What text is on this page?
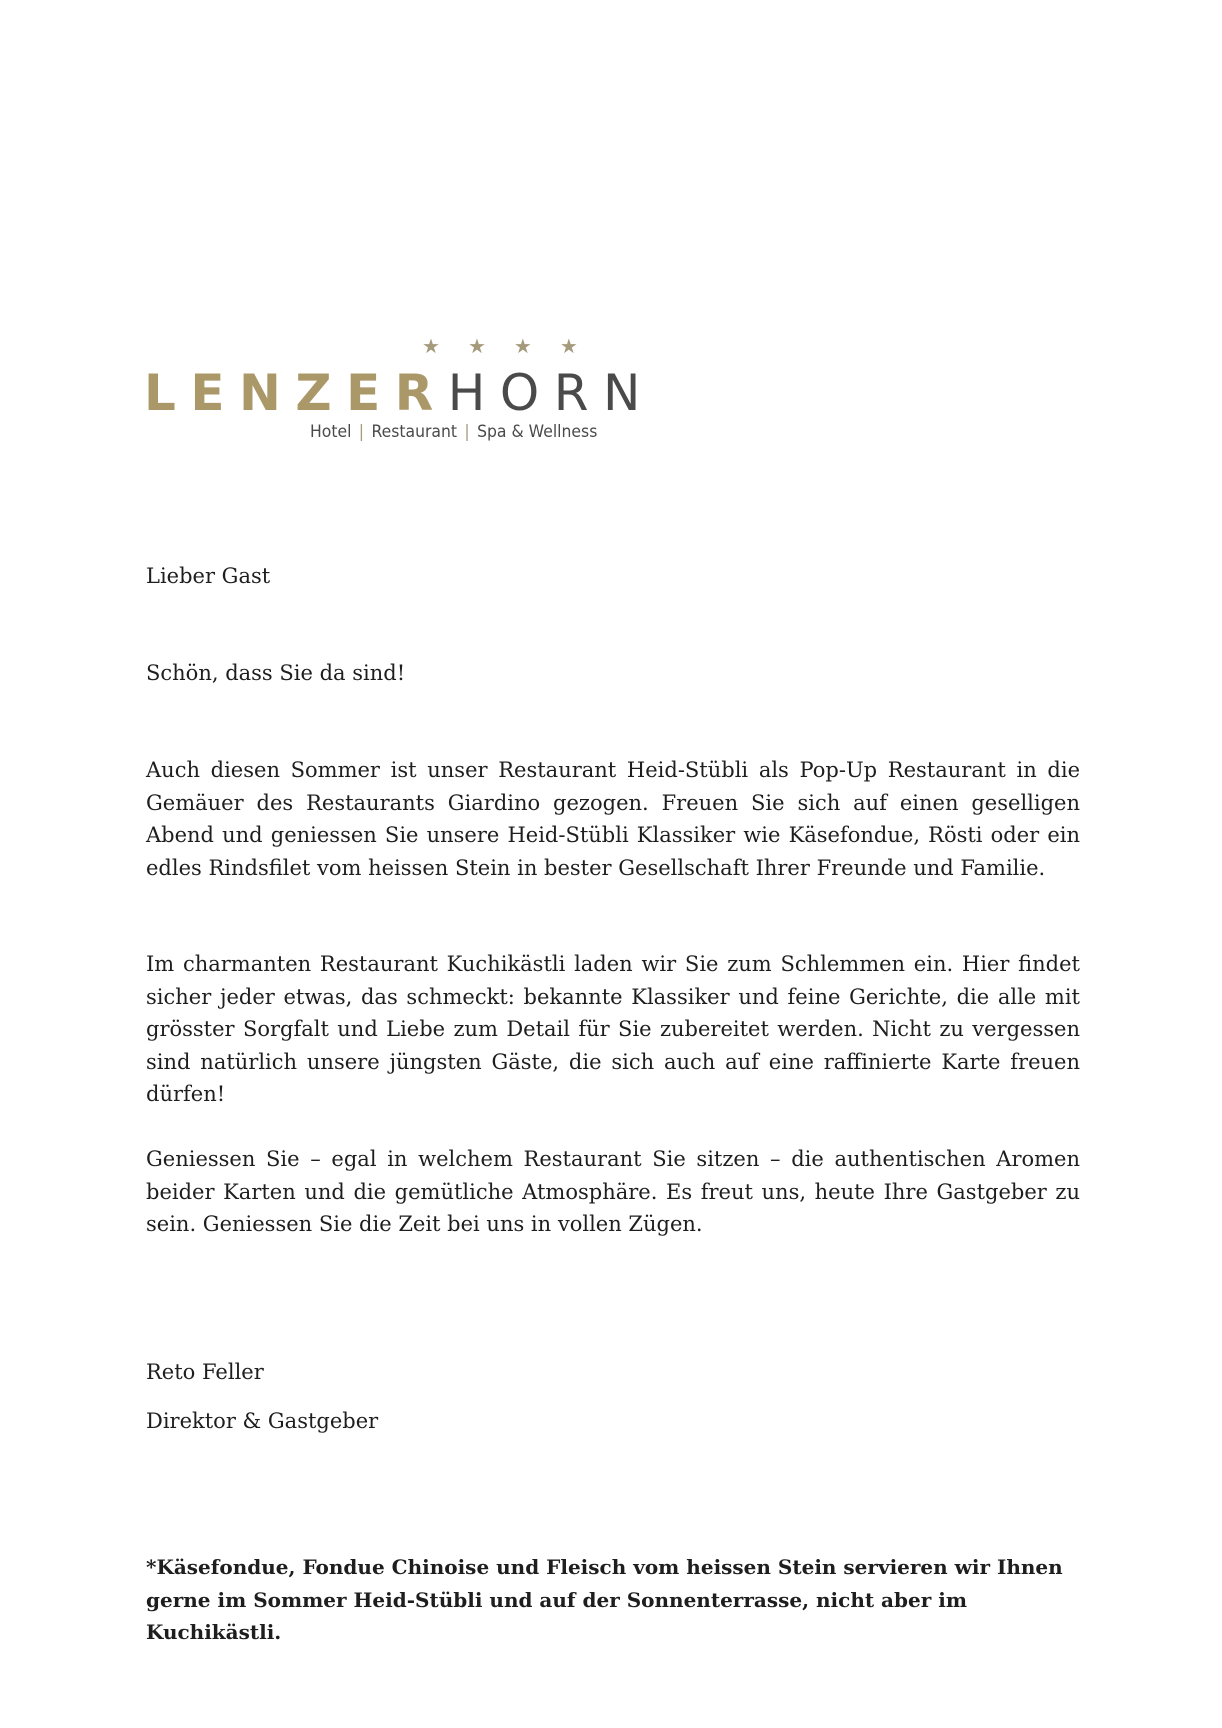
★ ★ ★ ★
LENZERHORN
Hotel | Restaurant | Spa & Wellness

Lieber Gast

Schön, dass Sie da sind!

Auch diesen Sommer ist unser Restaurant Heid-Stübli als Pop-Up Restaurant in die Gemäuer des Restaurants Giardino gezogen. Freuen Sie sich auf einen geselligen Abend und geniessen Sie unsere Heid-Stübli Klassiker wie Käsefondue, Rösti oder ein edles Rindsfilet vom heissen Stein in bester Gesellschaft Ihrer Freunde und Familie.

Im charmanten Restaurant Kuchikästli laden wir Sie zum Schlemmen ein. Hier findet sicher jeder etwas, das schmeckt: bekannte Klassiker und feine Gerichte, die alle mit grösster Sorgfalt und Liebe zum Detail für Sie zubereitet werden. Nicht zu vergessen sind natürlich unsere jüngsten Gäste, die sich auch auf eine raffinierte Karte freuen dürfen!

Geniessen Sie – egal in welchem Restaurant Sie sitzen – die authentischen Aromen beider Karten und die gemütliche Atmosphäre. Es freut uns, heute Ihre Gastgeber zu sein. Geniessen Sie die Zeit bei uns in vollen Zügen.

Reto Feller

Direktor & Gastgeber

*Käsefondue, Fondue Chinoise und Fleisch vom heissen Stein servieren wir Ihnen gerne im Sommer Heid-Stübli und auf der Sonnenterrasse, nicht aber im Kuchikästli.
